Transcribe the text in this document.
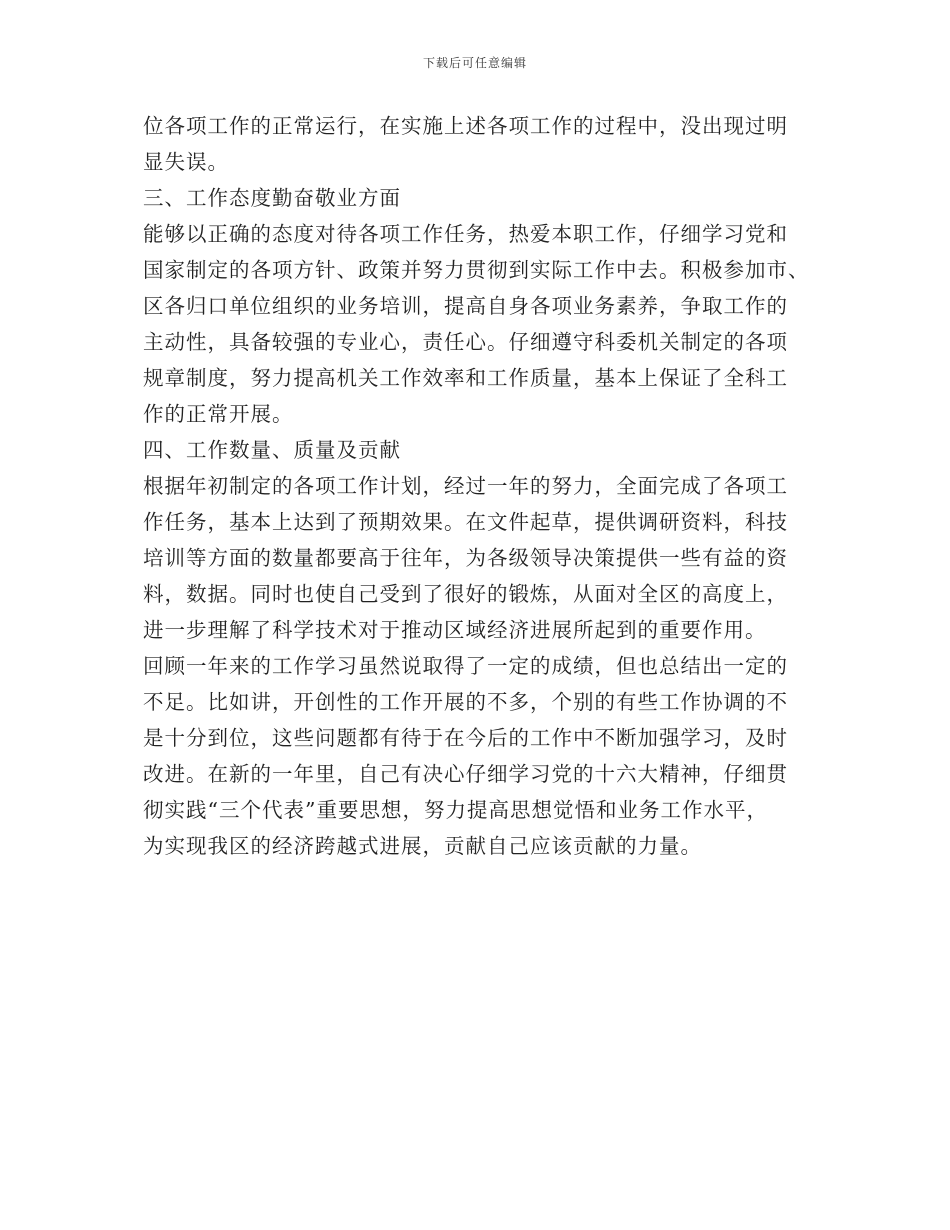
下载后可任意编辑
位各项工作的正常运行，在实施上述各项工作的过程中，没出现过明
显失误。
三、工作态度勤奋敬业方面
能够以正确的态度对待各项工作任务，热爱本职工作，仔细学习党和
国家制定的各项方针、政策并努力贯彻到实际工作中去。积极参加市、
区各归口单位组织的业务培训，提高自身各项业务素养，争取工作的
主动性，具备较强的专业心，责任心。仔细遵守科委机关制定的各项
规章制度，努力提高机关工作效率和工作质量，基本上保证了全科工
作的正常开展。
四、工作数量、质量及贡献
根据年初制定的各项工作计划，经过一年的努力，全面完成了各项工
作任务，基本上达到了预期效果。在文件起草，提供调研资料，科技
培训等方面的数量都要高于往年，为各级领导决策提供一些有益的资
料，数据。同时也使自己受到了很好的锻炼，从面对全区的高度上，
进一步理解了科学技术对于推动区域经济进展所起到的重要作用。
回顾一年来的工作学习虽然说取得了一定的成绩，但也总结出一定的
不足。比如讲，开创性的工作开展的不多，个别的有些工作协调的不
是十分到位，这些问题都有待于在今后的工作中不断加强学习，及时
改进。在新的一年里，自己有决心仔细学习党的十六大精神，仔细贯
彻实践“三个代表”重要思想，努力提高思想觉悟和业务工作水平，
为实现我区的经济跨越式进展，贡献自己应该贡献的力量。
